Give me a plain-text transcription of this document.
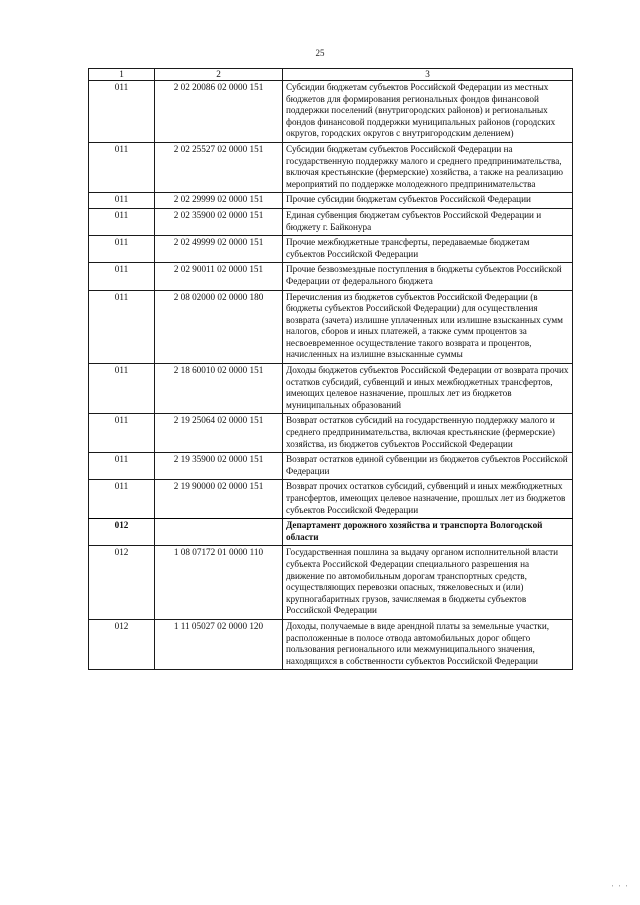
25
1	2	3
011	2 02 20086 02 0000 151	Субсидии бюджетам субъектов Российской Федерации из местных бюджетов для формирования региональных фондов финансовой поддержки поселений (внутригородских районов) и региональных фондов финансовой поддержки муниципальных районов (городских округов, городских округов с внутригородским делением)
011	2 02 25527 02 0000 151	Субсидии бюджетам субъектов Российской Федерации на государственную поддержку малого и среднего предпринимательства, включая крестьянские (фермерские) хозяйства, а также на реализацию мероприятий по поддержке молодежного предпринимательства
011	2 02 29999 02 0000 151	Прочие субсидии бюджетам субъектов Российской Федерации
011	2 02 35900 02 0000 151	Единая субвенция бюджетам субъектов Российской Федерации и бюджету г. Байконура
011	2 02 49999 02 0000 151	Прочие межбюджетные трансферты, передаваемые бюджетам субъектов Российской Федерации
011	2 02 90011 02 0000 151	Прочие безвозмездные поступления в бюджеты субъектов Российской Федерации от федерального бюджета
011	2 08 02000 02 0000 180	Перечисления из бюджетов субъектов Российской Федерации (в бюджеты субъектов Российской Федерации) для осуществления возврата (зачета) излишне уплаченных или излишне взысканных сумм налогов, сборов и иных платежей, а также сумм процентов за несвоевременное осуществление такого возврата и процентов, начисленных на излишне взысканные суммы
011	2 18 60010 02 0000 151	Доходы бюджетов субъектов Российской Федерации от возврата прочих остатков субсидий, субвенций и иных межбюджетных трансфертов, имеющих целевое назначение, прошлых лет из бюджетов муниципальных образований
011	2 19 25064 02 0000 151	Возврат остатков субсидий на государственную поддержку малого и среднего предпринимательства, включая крестьянские (фермерские) хозяйства, из бюджетов субъектов Российской Федерации
011	2 19 35900 02 0000 151	Возврат остатков единой субвенции из бюджетов субъектов Российской Федерации
011	2 19 90000 02 0000 151	Возврат прочих остатков субсидий, субвенций и иных межбюджетных трансфертов, имеющих целевое назначение, прошлых лет из бюджетов субъектов Российской Федерации
012		Департамент дорожного хозяйства и транспорта Вологодской области
012	1 08 07172 01 0000 110	Государственная пошлина за выдачу органом исполнительной власти субъекта Российской Федерации специального разрешения на движение по автомобильным дорогам транспортных средств, осуществляющих перевозки опасных, тяжеловесных и (или) крупногабаритных грузов, зачисляемая в бюджеты субъектов Российской Федерации
012	1 11 05027 02 0000 120	Доходы, получаемые в виде арендной платы за земельные участки, расположенные в полосе отвода автомобильных дорог общего пользования регионального или межмуниципального значения, находящихся в собственности субъектов Российской Федерации
' ' '
